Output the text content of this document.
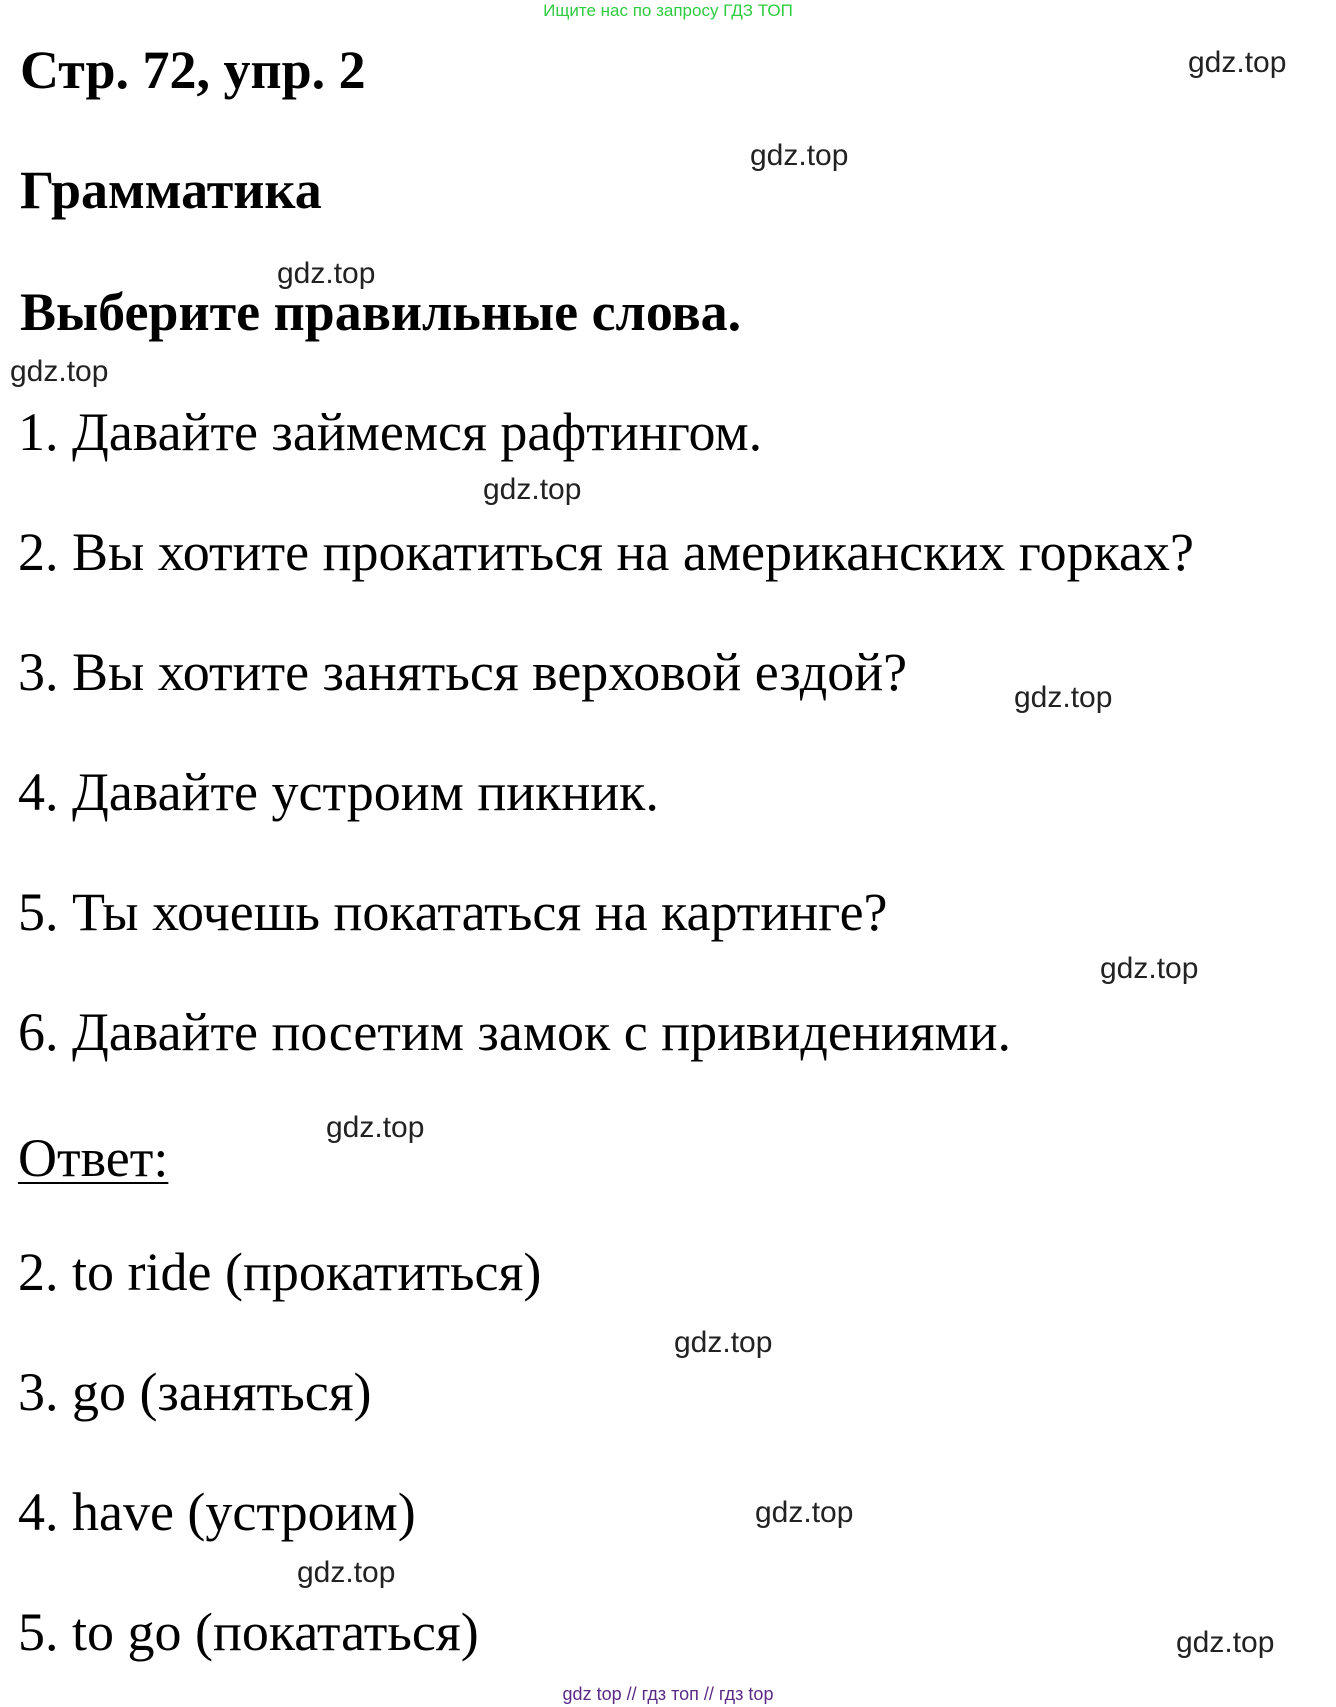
Ищите нас по запросу ГДЗ ТОП
Стр. 72, упр. 2
Грамматика
Выберите правильные слова.
1. Давайте займемся рафтингом.
2. Вы хотите прокатиться на американских горках?
3. Вы хотите заняться верховой ездой?
4. Давайте устроим пикник.
5. Ты хочешь покататься на картинге?
6. Давайте посетим замок с привидениями.
Ответ:
2. to ride (прокатиться)
3. go (заняться)
4. have (устроим)
5. to go (покататься)
gdz.top
gdz.top
gdz.top
gdz.top
gdz.top
gdz.top
gdz.top
gdz.top
gdz.top
gdz.top
gdz.top
gdz.top
gdz top // гдз топ // гдз top
